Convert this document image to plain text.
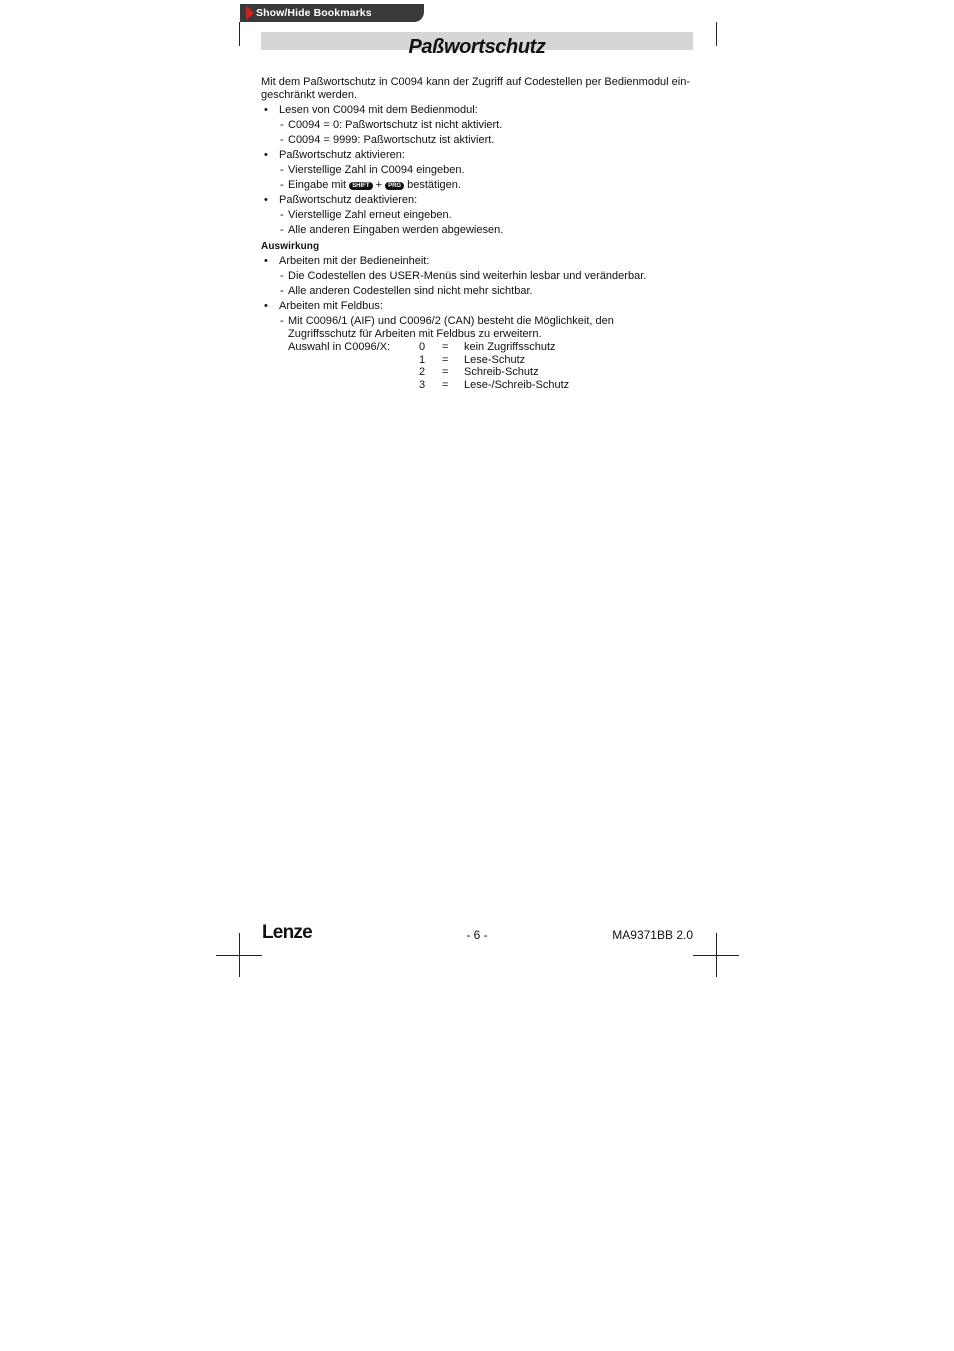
Show/Hide Bookmarks
Paßwortschutz

Mit dem Paßwortschutz in C0094 kann der Zugriff auf Codestellen per Bedienmodul ein-geschränkt werden.

• Lesen von C0094 mit dem Bedienmodul:
- C0094 = 0: Paßwortschutz ist nicht aktiviert.
- C0094 = 9999: Paßwortschutz ist aktiviert.
• Paßwortschutz aktivieren:
- Vierstellige Zahl in C0094 eingeben.
- Eingabe mit SHIFT + PRG bestätigen.
• Paßwortschutz deaktivieren:
- Vierstellige Zahl erneut eingeben.
- Alle anderen Eingaben werden abgewiesen.
Auswirkung
• Arbeiten mit der Bedieneinheit:
- Die Codestellen des USER-Menüs sind weiterhin lesbar und veränderbar.
- Alle anderen Codestellen sind nicht mehr sichtbar.
• Arbeiten mit Feldbus:
- Mit C0096/1 (AIF) und C0096/2 (CAN) besteht die Möglichkeit, den Zugriffsschutz für Arbeiten mit Feldbus zu erweitern.
Auswahl in C0096/X:	0	=	kein Zugriffsschutz
	1	=	Lese-Schutz
	2	=	Schreib-Schutz
	3	=	Lese-/Schreib-Schutz
Lenze	- 6 -	MA9371BB 2.0
